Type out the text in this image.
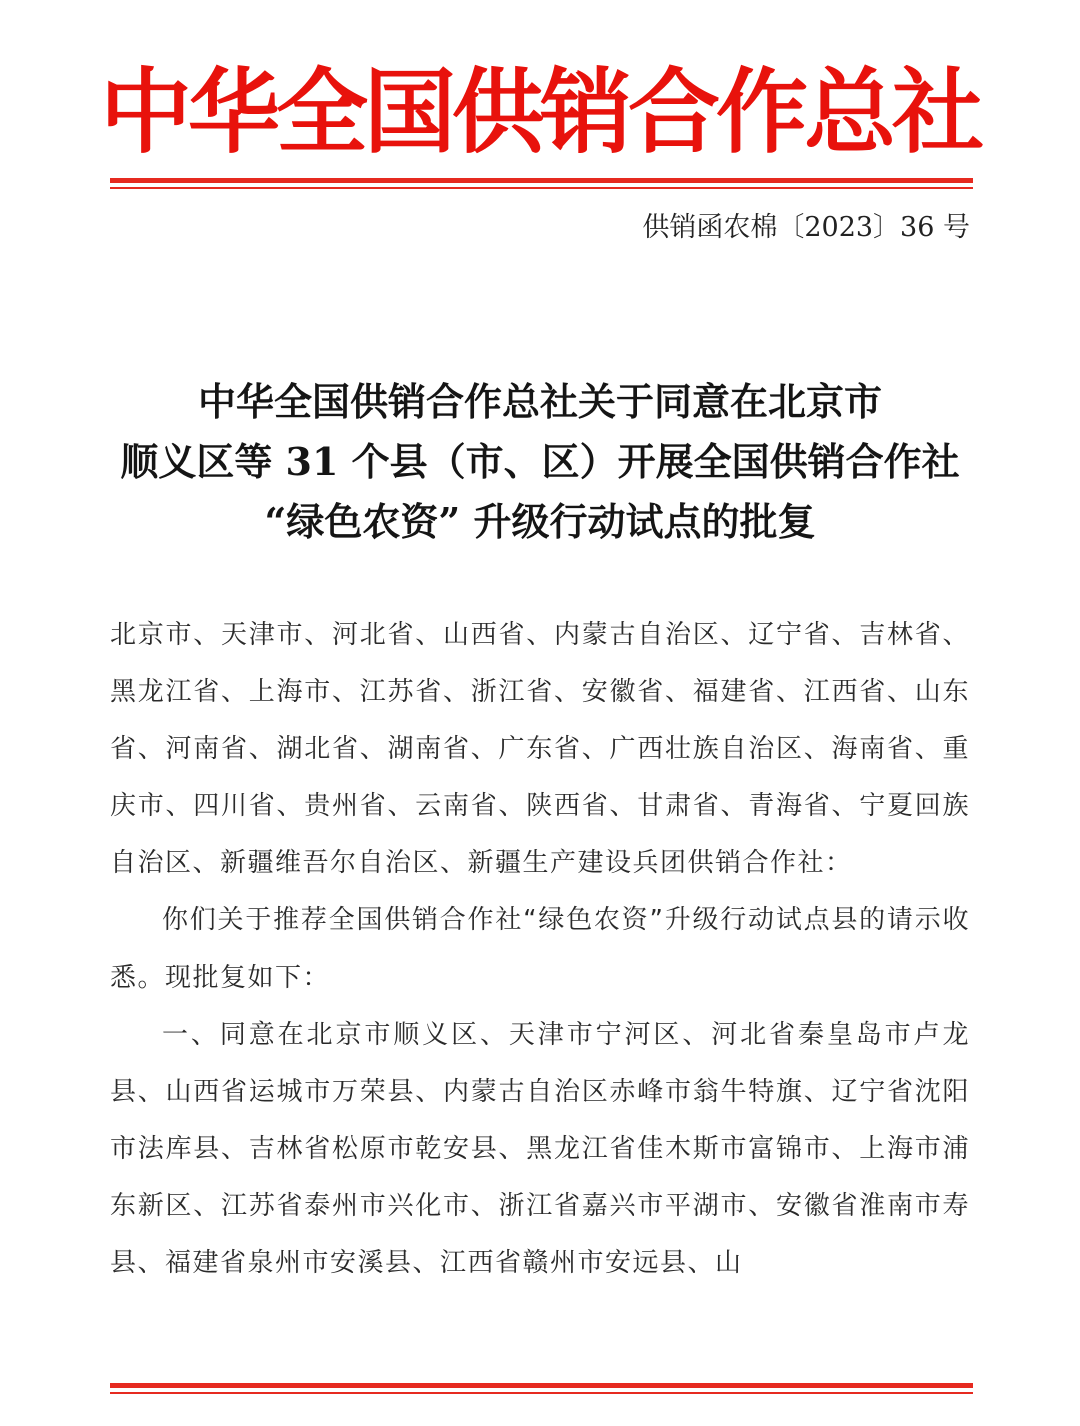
中华全国供销合作总社
供销函农棉〔2023〕36 号
中华全国供销合作总社关于同意在北京市
顺义区等 31 个县（市、区）开展全国供销合作社
“绿色农资” 升级行动试点的批复

北京市、天津市、河北省、山西省、内蒙古自治区、辽宁省、吉林省、黑龙江省、上海市、江苏省、浙江省、安徽省、福建省、江西省、山东省、河南省、湖北省、湖南省、广东省、广西壮族自治区、海南省、重庆市、四川省、贵州省、云南省、陕西省、甘肃省、青海省、宁夏回族自治区、新疆维吾尔自治区、新疆生产建设兵团供销合作社：

你们关于推荐全国供销合作社“绿色农资”升级行动试点县的请示收悉。现批复如下：

一、同意在北京市顺义区、天津市宁河区、河北省秦皇岛市卢龙县、山西省运城市万荣县、内蒙古自治区赤峰市翁牛特旗、辽宁省沈阳市法库县、吉林省松原市乾安县、黑龙江省佳木斯市富锦市、上海市浦东新区、江苏省泰州市兴化市、浙江省嘉兴市平湖市、安徽省淮南市寿县、福建省泉州市安溪县、江西省赣州市安远县、山
